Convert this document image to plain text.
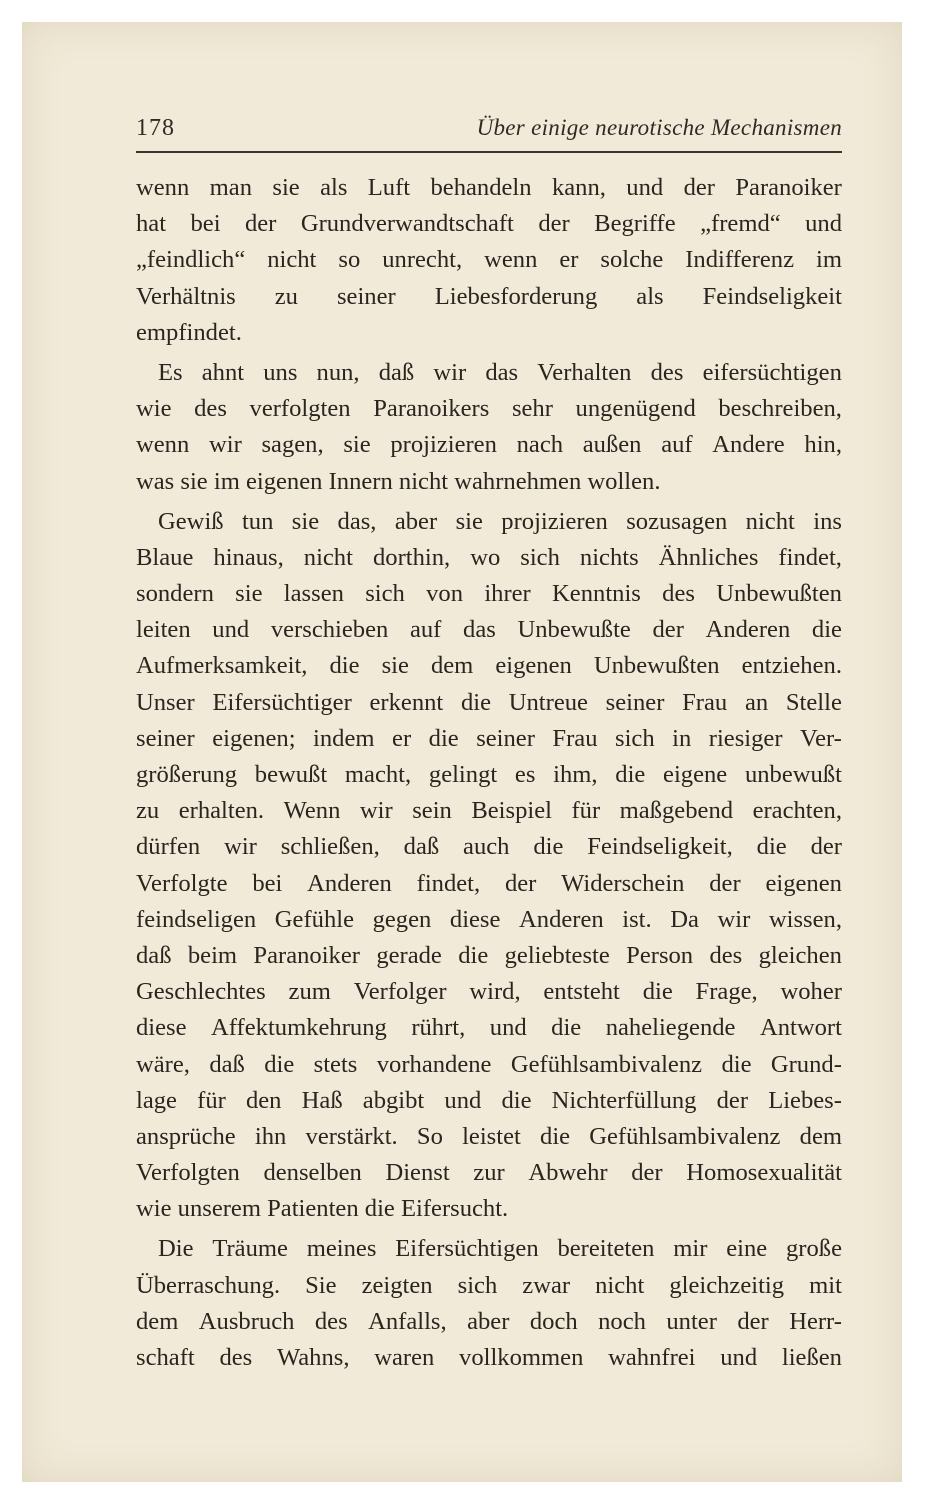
178	Über einige neurotische Mechanismen
wenn man sie als Luft behandeln kann, und der Paranoiker
hat bei der Grundverwandtschaft der Begriffe „fremd“ und
„feindlich“ nicht so unrecht, wenn er solche Indifferenz im
Verhältnis zu seiner Liebesforderung als Feindseligkeit
empfindet.
Es ahnt uns nun, daß wir das Verhalten des eifersüchtigen
wie des verfolgten Paranoikers sehr ungenügend beschreiben,
wenn wir sagen, sie projizieren nach außen auf Andere hin,
was sie im eigenen Innern nicht wahrnehmen wollen.
Gewiß tun sie das, aber sie projizieren sozusagen nicht ins
Blaue hinaus, nicht dorthin, wo sich nichts Ähnliches findet,
sondern sie lassen sich von ihrer Kenntnis des Unbewußten
leiten und verschieben auf das Unbewußte der Anderen die
Aufmerksamkeit, die sie dem eigenen Unbewußten entziehen.
Unser Eifersüchtiger erkennt die Untreue seiner Frau an Stelle
seiner eigenen; indem er die seiner Frau sich in riesiger Ver-
größerung bewußt macht, gelingt es ihm, die eigene unbewußt
zu erhalten. Wenn wir sein Beispiel für maßgebend erachten,
dürfen wir schließen, daß auch die Feindseligkeit, die der
Verfolgte bei Anderen findet, der Widerschein der eigenen
feindseligen Gefühle gegen diese Anderen ist. Da wir wissen,
daß beim Paranoiker gerade die geliebteste Person des gleichen
Geschlechtes zum Verfolger wird, entsteht die Frage, woher
diese Affektumkehrung rührt, und die naheliegende Antwort
wäre, daß die stets vorhandene Gefühlsambivalenz die Grund-
lage für den Haß abgibt und die Nichterfüllung der Liebes-
ansprüche ihn verstärkt. So leistet die Gefühlsambivalenz dem
Verfolgten denselben Dienst zur Abwehr der Homosexualität
wie unserem Patienten die Eifersucht.
Die Träume meines Eifersüchtigen bereiteten mir eine große
Überraschung. Sie zeigten sich zwar nicht gleichzeitig mit
dem Ausbruch des Anfalls, aber doch noch unter der Herr-
schaft des Wahns, waren vollkommen wahnfrei und ließen
